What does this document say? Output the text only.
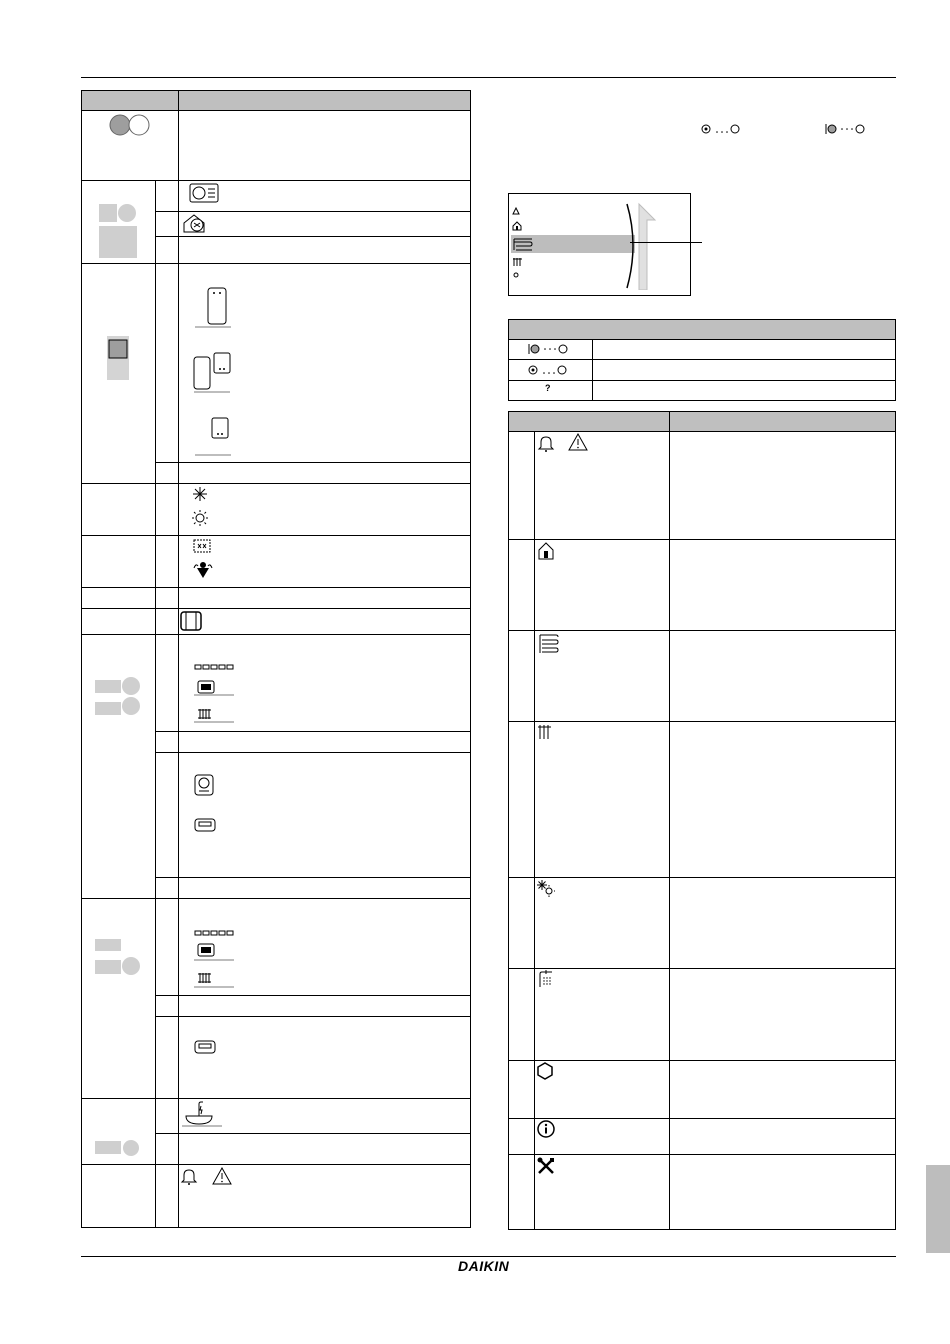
?
DAIKIN
